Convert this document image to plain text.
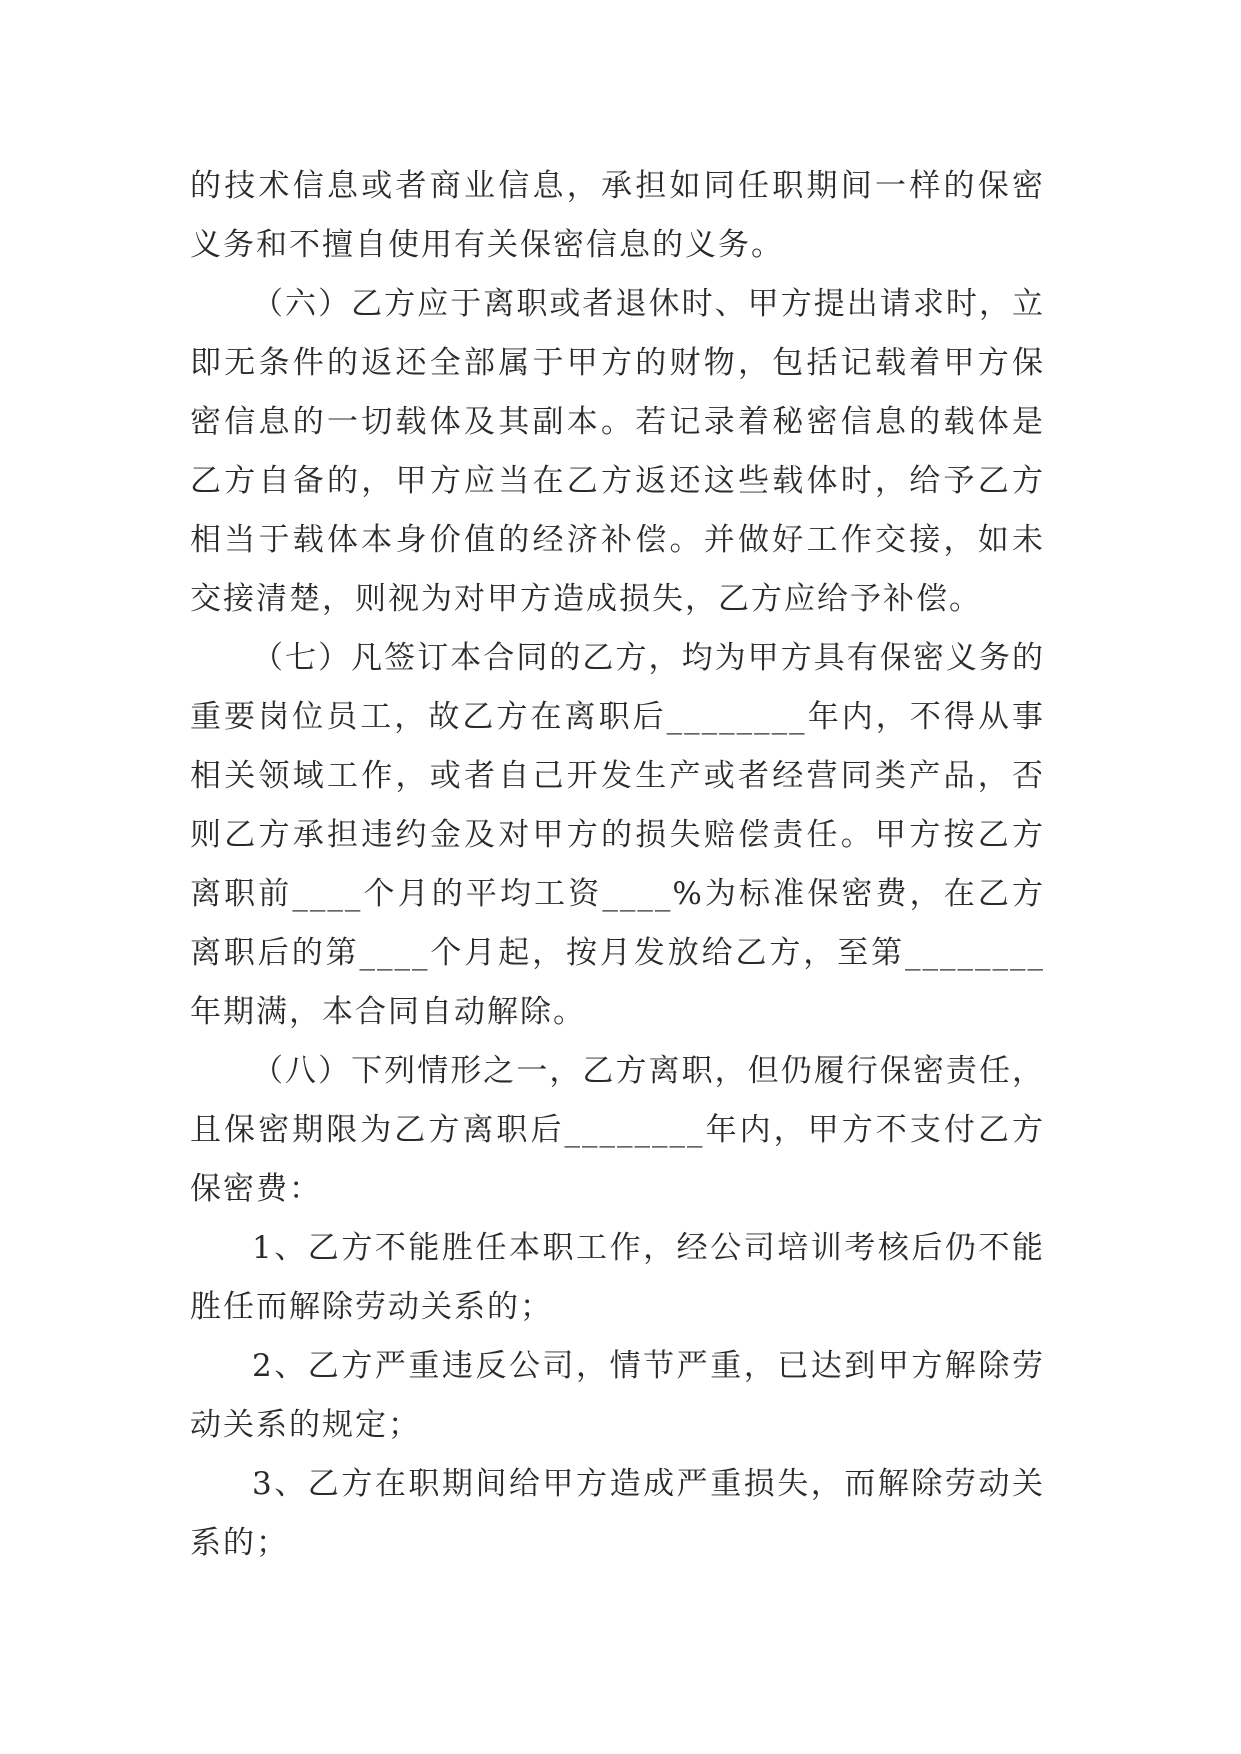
的技术信息或者商业信息，承担如同任职期间一样的保密义务和不擅自使用有关保密信息的义务。

（六）乙方应于离职或者退休时、甲方提出请求时，立即无条件的返还全部属于甲方的财物，包括记载着甲方保密信息的一切载体及其副本。若记录着秘密信息的载体是乙方自备的，甲方应当在乙方返还这些载体时，给予乙方相当于载体本身价值的经济补偿。并做好工作交接，如未交接清楚，则视为对甲方造成损失，乙方应给予补偿。

（七）凡签订本合同的乙方，均为甲方具有保密义务的重要岗位员工，故乙方在离职后________年内，不得从事相关领域工作，或者自己开发生产或者经营同类产品，否则乙方承担违约金及对甲方的损失赔偿责任。甲方按乙方离职前____个月的平均工资____%为标准保密费，在乙方离职后的第____个月起，按月发放给乙方，至第________年期满，本合同自动解除。

（八）下列情形之一，乙方离职，但仍履行保密责任，且保密期限为乙方离职后________年内，甲方不支付乙方保密费：

1、乙方不能胜任本职工作，经公司培训考核后仍不能胜任而解除劳动关系的；

2、乙方严重违反公司，情节严重，已达到甲方解除劳动关系的规定；

3、乙方在职期间给甲方造成严重损失，而解除劳动关系的；
